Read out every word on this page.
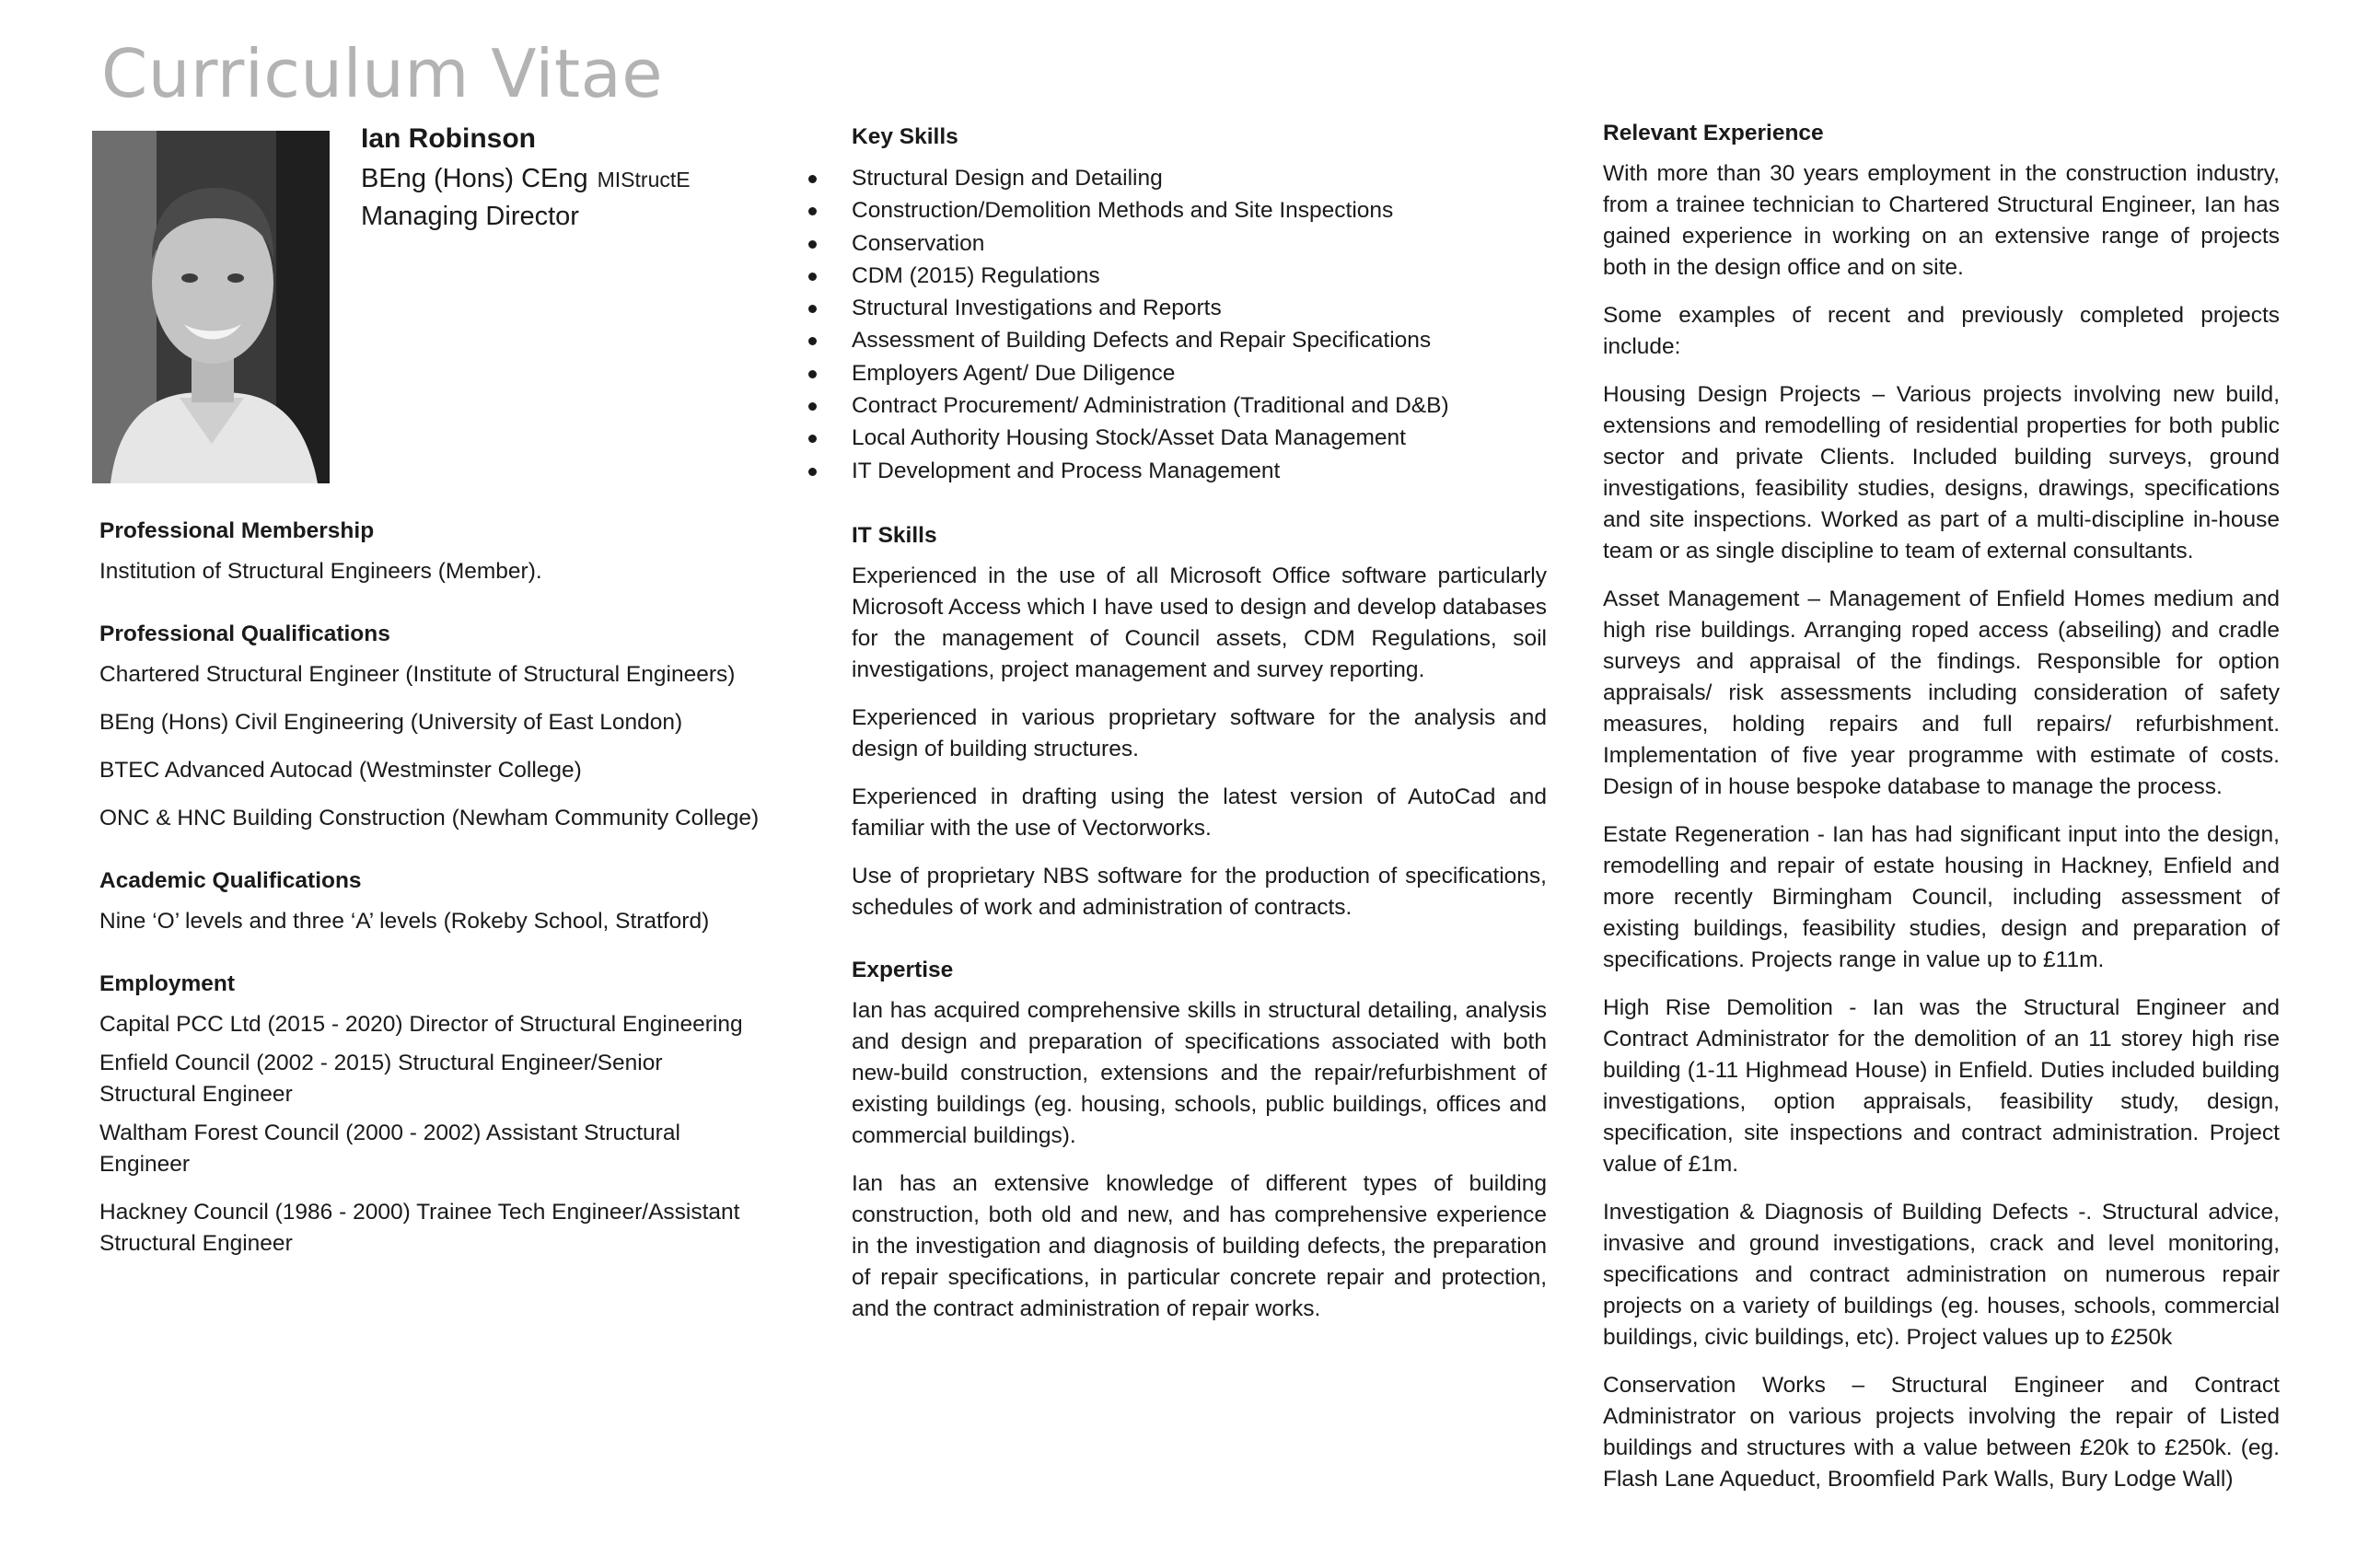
Curriculum Vitae
Ian Robinson
BEng (Hons) CEng MIStructE
Managing Director
Professional Membership

Institution of Structural Engineers (Member).

Professional Qualifications

Chartered Structural Engineer (Institute of Structural Engineers)

BEng (Hons) Civil Engineering (University of East London)

BTEC Advanced Autocad (Westminster College)

ONC & HNC Building Construction (Newham Community College)

Academic Qualifications

Nine ‘O’ levels and three ‘A’ levels (Rokeby School, Stratford)

Employment

Capital PCC Ltd (2015 - 2020) Director of Structural Engineering

Enfield Council (2002 - 2015) Structural Engineer/Senior Structural Engineer

Waltham Forest Council (2000 - 2002) Assistant Structural Engineer

Hackney Council (1986 - 2000) Trainee Tech Engineer/Assistant Structural Engineer

Key Skills
Structural Design and Detailing
Construction/Demolition Methods and Site Inspections
Conservation
CDM (2015) Regulations
Structural Investigations and Reports
Assessment of Building Defects and Repair Specifications
Employers Agent/ Due Diligence
Contract Procurement/ Administration (Traditional and D&B)
Local Authority Housing Stock/Asset Data Management
IT Development and Process Management
IT Skills

Experienced in the use of all Microsoft Office software particularly Microsoft Access which I have used to design and develop databases for the management of Council assets, CDM Regulations, soil investigations, project management and survey reporting.

Experienced in various proprietary software for the analysis and design of building structures.

Experienced in drafting using the latest version of AutoCad and familiar with the use of Vectorworks.

Use of proprietary NBS software for the production of specifications, schedules of work and administration of contracts.

Expertise

Ian has acquired comprehensive skills in structural detailing, analysis and design and preparation of specifications associated with both new-build construction, extensions and the repair/refurbishment of existing buildings (eg. housing, schools, public buildings, offices and commercial buildings).

Ian has an extensive knowledge of different types of building construction, both old and new, and has comprehensive experience in the investigation and diagnosis of building defects, the preparation of repair specifications, in particular concrete repair and protection, and the contract administration of repair works.

Relevant Experience

With more than 30 years employment in the construction industry, from a trainee technician to Chartered Structural Engineer, Ian has gained experience in working on an extensive range of projects both in the design office and on site.

Some examples of recent and previously completed projects include:

Housing Design Projects – Various projects involving new build, extensions and remodelling of residential properties for both public sector and private Clients. Included building surveys, ground investigations, feasibility studies, designs, drawings, specifications and site inspections. Worked as part of a multi-discipline in-house team or as single discipline to team of external consultants.

Asset Management – Management of Enfield Homes medium and high rise buildings. Arranging roped access (abseiling) and cradle surveys and appraisal of the findings. Responsible for option appraisals/ risk assessments including consideration of safety measures, holding repairs and full repairs/ refurbishment. Implementation of five year programme with estimate of costs. Design of in house bespoke database to manage the process.

Estate Regeneration - Ian has had significant input into the design, remodelling and repair of estate housing in Hackney, Enfield and more recently Birmingham Council, including assessment of existing buildings, feasibility studies, design and preparation of specifications. Projects range in value up to £11m.

High Rise Demolition - Ian was the Structural Engineer and Contract Administrator for the demolition of an 11 storey high rise building (1-11 Highmead House) in Enfield. Duties included building investigations, option appraisals, feasibility study, design, specification, site inspections and contract administration. Project value of £1m.

Investigation & Diagnosis of Building Defects -. Structural advice, invasive and ground investigations, crack and level monitoring, specifications and contract administration on numerous repair projects on a variety of buildings (eg. houses, schools, commercial buildings, civic buildings, etc). Project values up to £250k

Conservation Works – Structural Engineer and Contract Administrator on various projects involving the repair of Listed buildings and structures with a value between £20k to £250k. (eg. Flash Lane Aqueduct, Broomfield Park Walls, Bury Lodge Wall)
